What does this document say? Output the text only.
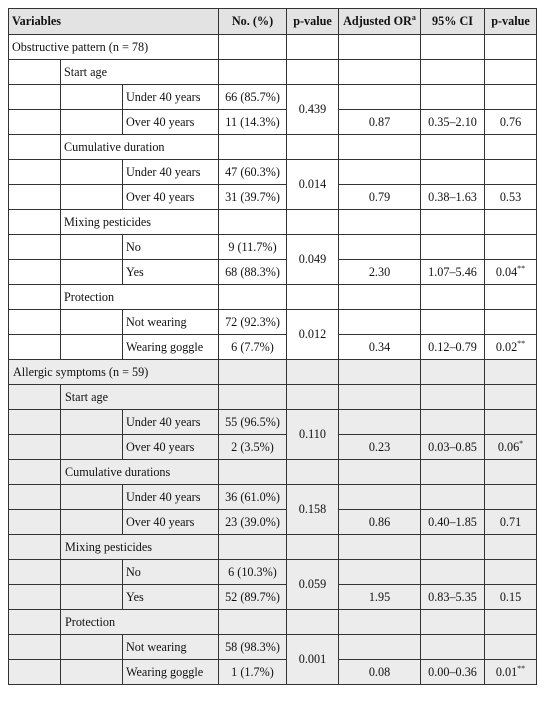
Variables			No. (%)	p-value	Adjusted $OR^a$	95% CI	p-value
Obstructive pattern (n = 78)							
	Start age						
		Under 40 years	66 (85.7%)	0.439			
		Over 40 years	11 (14.3%)		0.87	0.35–2.10	0.76
	Cumulative duration						
		Under 40 years	47 (60.3%)	0.014			
		Over 40 years	31 (39.7%)		0.79	0.38–1.63	0.53
	Mixing pesticides						
		No	9 (11.7%)	0.049			
		Yes	68 (88.3%)		2.30	1.07–5.46	0.04**
	Protection						
		Not wearing	72 (92.3%)	0.012			
		Wearing goggle	6 (7.7%)		0.34	0.12–0.79	0.02**
Allergic symptoms (n = 59)							
	Start age						
		Under 40 years	55 (96.5%)	0.110			
		Over 40 years	2 (3.5%)		0.23	0.03–0.85	0.06*
	Cumulative durations						
		Under 40 years	36 (61.0%)	0.158			
		Over 40 years	23 (39.0%)		0.86	0.40–1.85	0.71
	Mixing pesticides						
		No	6 (10.3%)	0.059			
		Yes	52 (89.7%)		1.95	0.83–5.35	0.15
	Protection						
		Not wearing	58 (98.3%)	0.001			
		Wearing goggle	1 (1.7%)		0.08	0.00–0.36	0.01**
